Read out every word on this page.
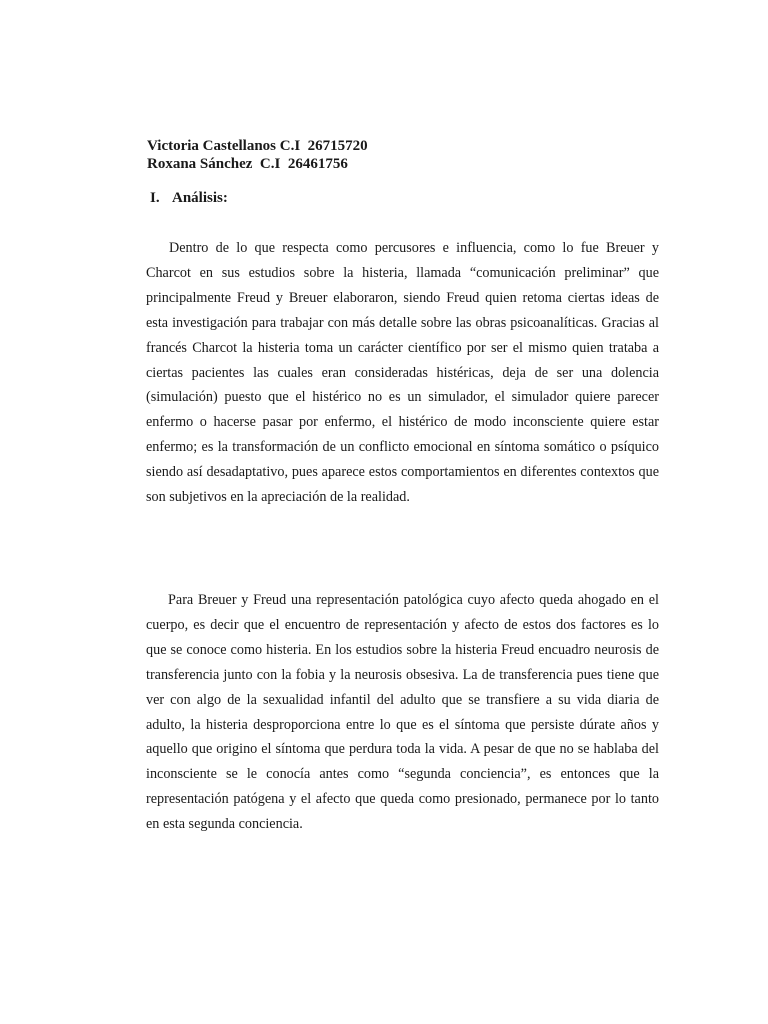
Victoria Castellanos C.I  26715720
Roxana Sánchez  C.I  26461756
I. Análisis:

Dentro de lo que respecta como percusores e influencia, como lo fue Breuer y Charcot en sus estudios sobre la histeria, llamada “comunicación preliminar” que principalmente Freud y Breuer elaboraron, siendo Freud quien retoma ciertas ideas de esta investigación para trabajar con más detalle sobre las obras psicoanalíticas. Gracias al francés Charcot la histeria toma un carácter científico por ser el mismo quien trataba a ciertas pacientes las cuales eran consideradas histéricas, deja de ser una dolencia (simulación) puesto que el histérico no es un simulador, el simulador quiere parecer enfermo o hacerse pasar por enfermo, el histérico de modo inconsciente quiere estar enfermo; es la transformación de un conflicto emocional en síntoma somático o psíquico siendo así desadaptativo, pues aparece estos comportamientos en diferentes contextos que son subjetivos en la apreciación de la realidad.

Para Breuer y Freud una representación patológica cuyo afecto queda ahogado en el cuerpo, es decir que el encuentro de representación y afecto de estos dos factores es lo que se conoce como histeria. En los estudios sobre la histeria Freud encuadro neurosis de transferencia junto con la fobia y la neurosis obsesiva. La de transferencia pues tiene que ver con algo de la sexualidad infantil del adulto que se transfiere a su vida diaria de adulto, la histeria desproporciona entre lo que es el síntoma que persiste dúrate años y aquello que origino el síntoma que perdura toda la vida. A pesar de que no se hablaba del inconsciente se le conocía antes como “segunda conciencia”, es entonces que la representación patógena y el afecto que queda como presionado, permanece por lo tanto en esta segunda conciencia.
